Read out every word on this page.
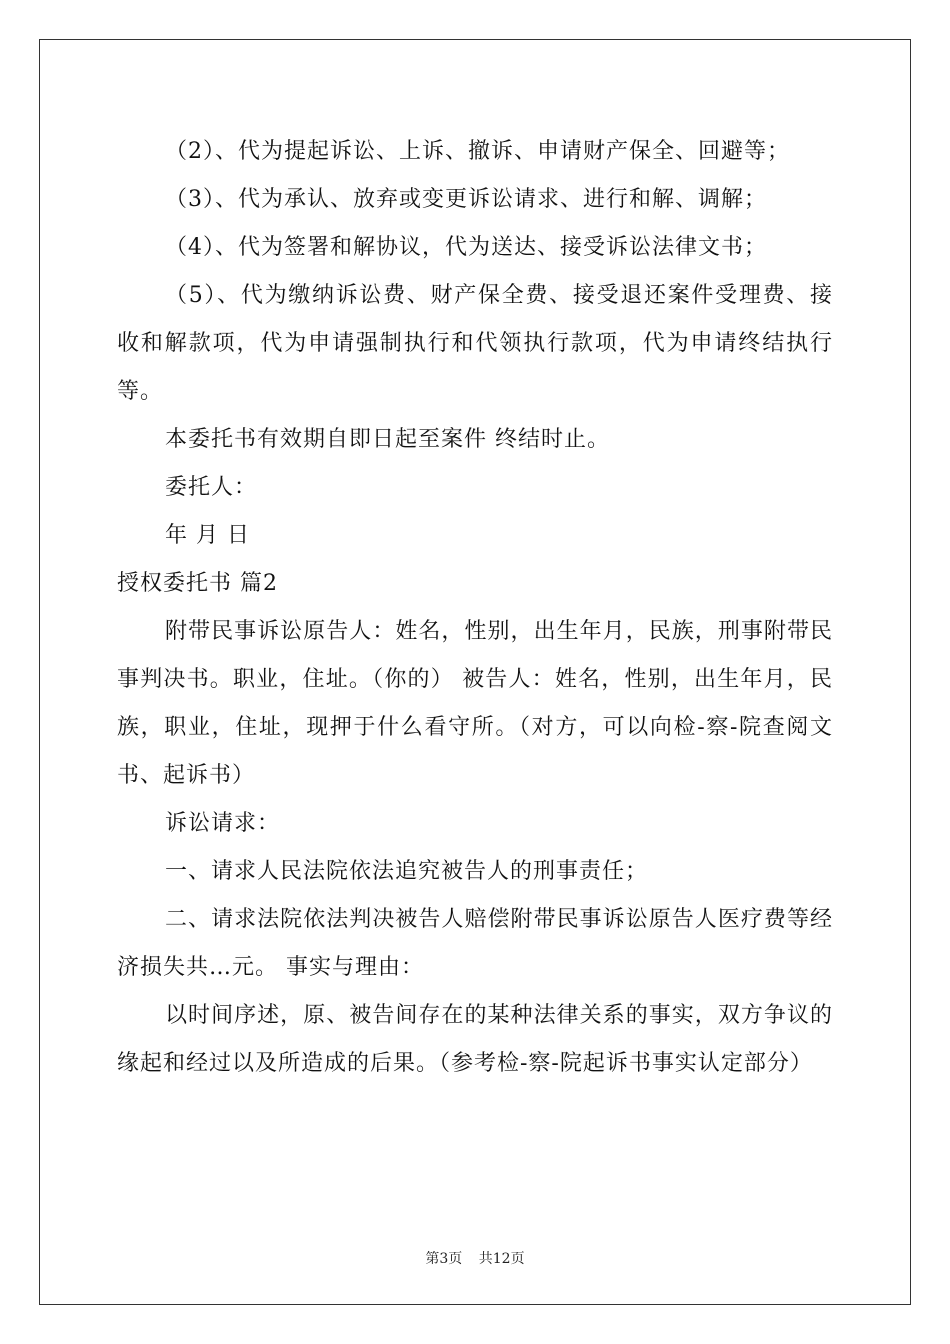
（2）、代为提起诉讼、上诉、撤诉、申请财产保全、回避等；

（3）、代为承认、放弃或变更诉讼请求、进行和解、调解；

（4）、代为签署和解协议，代为送达、接受诉讼法律文书；

（5）、代为缴纳诉讼费、财产保全费、接受退还案件受理费、接收和解款项，代为申请强制执行和代领执行款项，代为申请终结执行等。

本委托书有效期自即日起至案件 终结时止。

委托人：

年 月 日

授权委托书 篇2

附带民事诉讼原告人：姓名，性别，出生年月，民族，刑事附带民事判决书。职业，住址。（你的） 被告人：姓名，性别，出生年月，民族，职业，住址，现押于什么看守所。（对方，可以向检-察-院查阅文书、起诉书）

诉讼请求：

一、请求人民法院依法追究被告人的刑事责任；

二、请求法院依法判决被告人赔偿附带民事诉讼原告人医疗费等经济损失共…元。 事实与理由：

以时间序述，原、被告间存在的某种法律关系的事实，双方争议的缘起和经过以及所造成的后果。（参考检-察-院起诉书事实认定部分）

第3页 共12页
